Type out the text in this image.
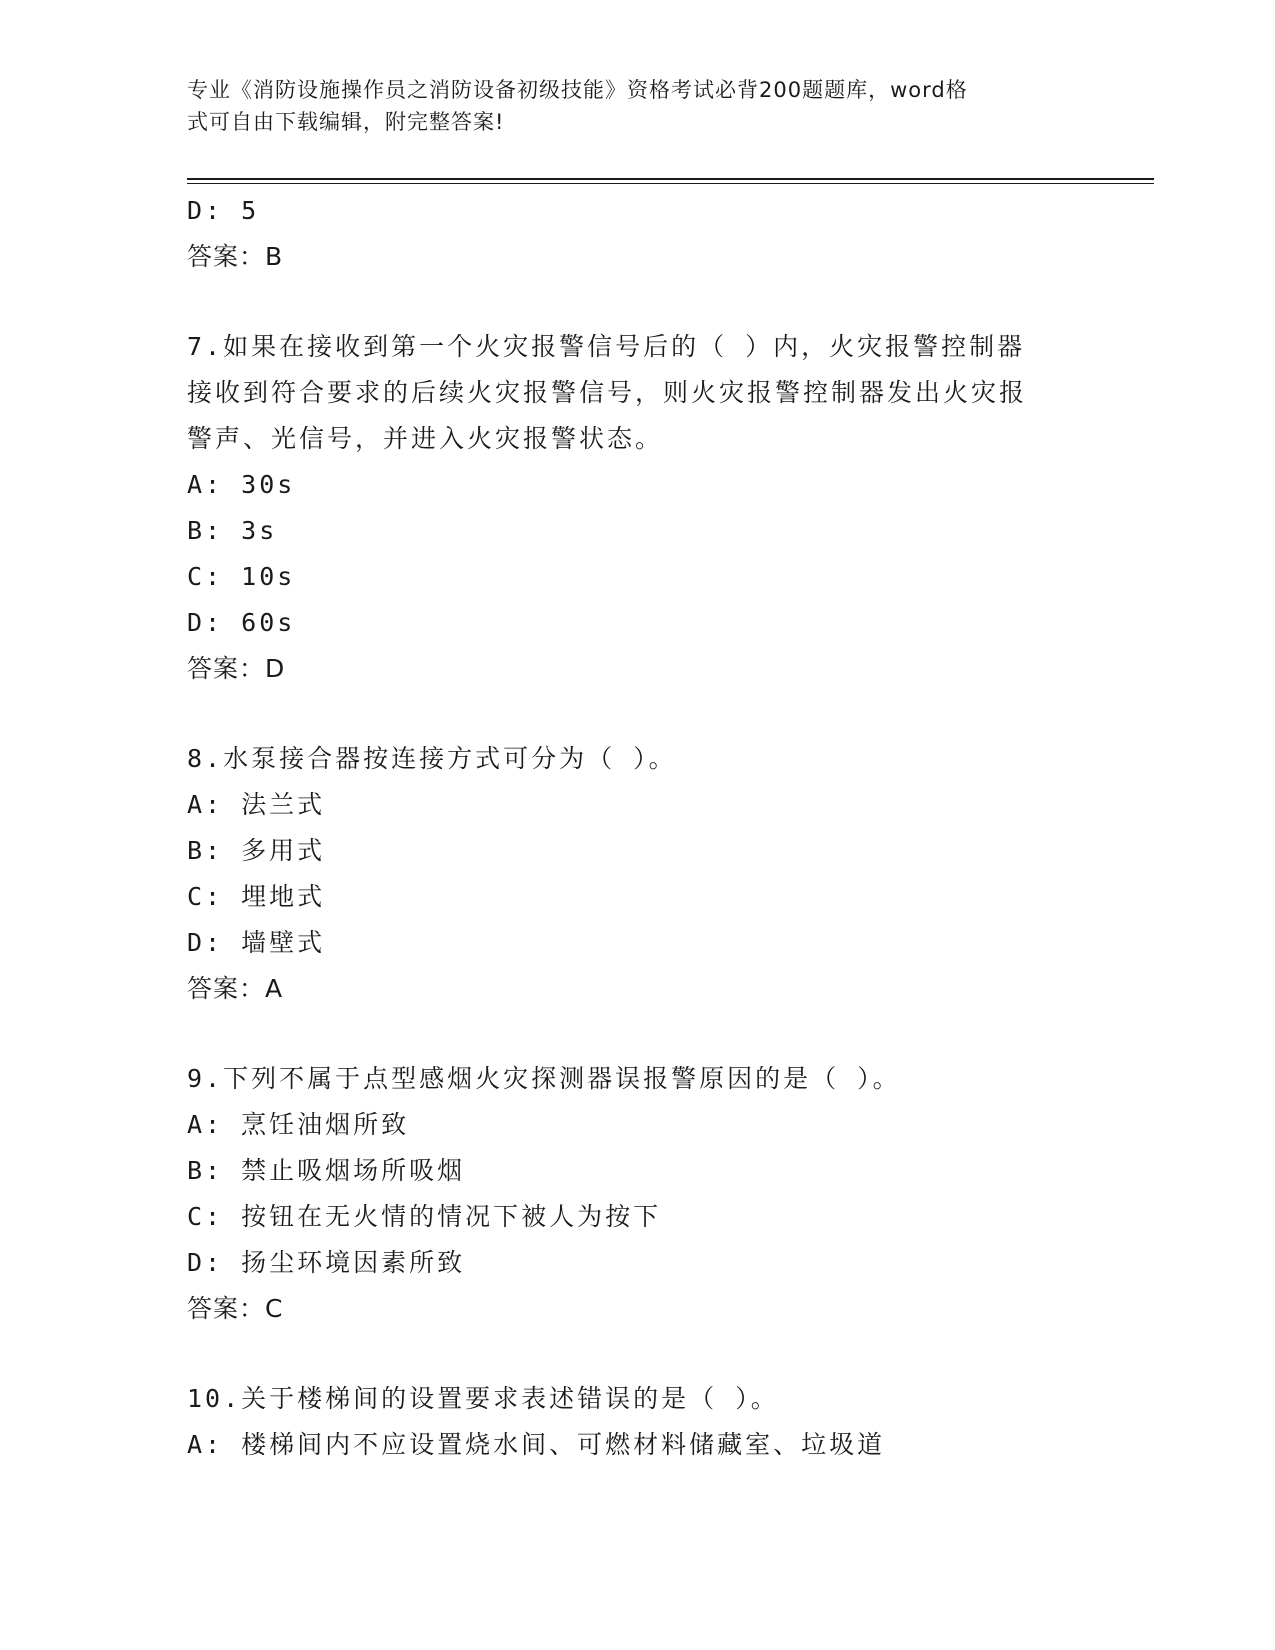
专业《消防设施操作员之消防设备初级技能》资格考试必背200题题库，word格
式可自由下载编辑，附完整答案!
D: 5
答案：B
7.如果在接收到第一个火灾报警信号后的（ ）内，火灾报警控制器
接收到符合要求的后续火灾报警信号，则火灾报警控制器发出火灾报
警声、光信号，并进入火灾报警状态。
A: 30s
B: 3s
C: 10s
D: 60s
答案：D
8.水泵接合器按连接方式可分为（ ）。
A: 法兰式
B: 多用式
C: 埋地式
D: 墙壁式
答案：A
9.下列不属于点型感烟火灾探测器误报警原因的是（ ）。
A: 烹饪油烟所致
B: 禁止吸烟场所吸烟
C: 按钮在无火情的情况下被人为按下
D: 扬尘环境因素所致
答案：C
10.关于楼梯间的设置要求表述错误的是（ ）。
A: 楼梯间内不应设置烧水间、可燃材料储藏室、垃圾道
